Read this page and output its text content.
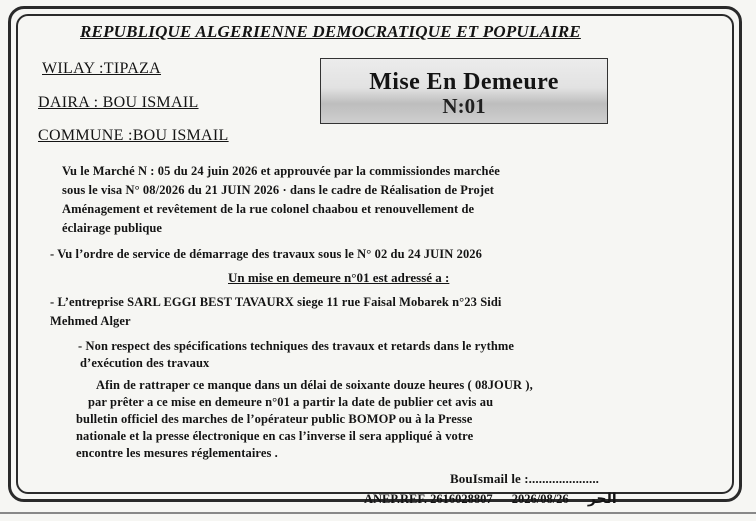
REPUBLIQUE ALGERIENNE DEMOCRATIQUE ET POPULAIRE
WILAY :TIPAZA
DAIRA : BOU ISMAIL
COMMUNE :BOU ISMAIL
Mise En Demeure
N:01
Vu le Marché N : 05 du 24 juin 2026 et approuvée par la commissiondes marchée
sous le visa N° 08/2026 du 21 JUIN 2026 · dans le cadre de Réalisation de Projet
Aménagement et revêtement de la rue colonel chaabou et renouvellement de
éclairage publique
- Vu l’ordre de service de démarrage des travaux sous le N° 02 du 24 JUIN 2026
Un mise en demeure n°01 est adressé a :
- L’entreprise SARL EGGI BEST TAVAURX siege 11 rue Faisal Mobarek n°23 Sidi
Mehmed Alger
- Non respect des spécifications techniques des travaux et retards dans le rythme
d’exécution des travaux
Afin de rattraper ce manque dans un délai de soixante douze heures ( 08JOUR ),
par prêter a ce mise en demeure n°01 a partir la date de publier cet avis au
bulletin officiel des marches de l’opérateur public BOMOP ou à la Presse
nationale et la presse électronique en cas l’inverse il sera appliqué à votre
encontre les mesures réglementaires .
BouIsmail le :.....................
ANEP.REF. 2616028807 2026/08/26 الحر
